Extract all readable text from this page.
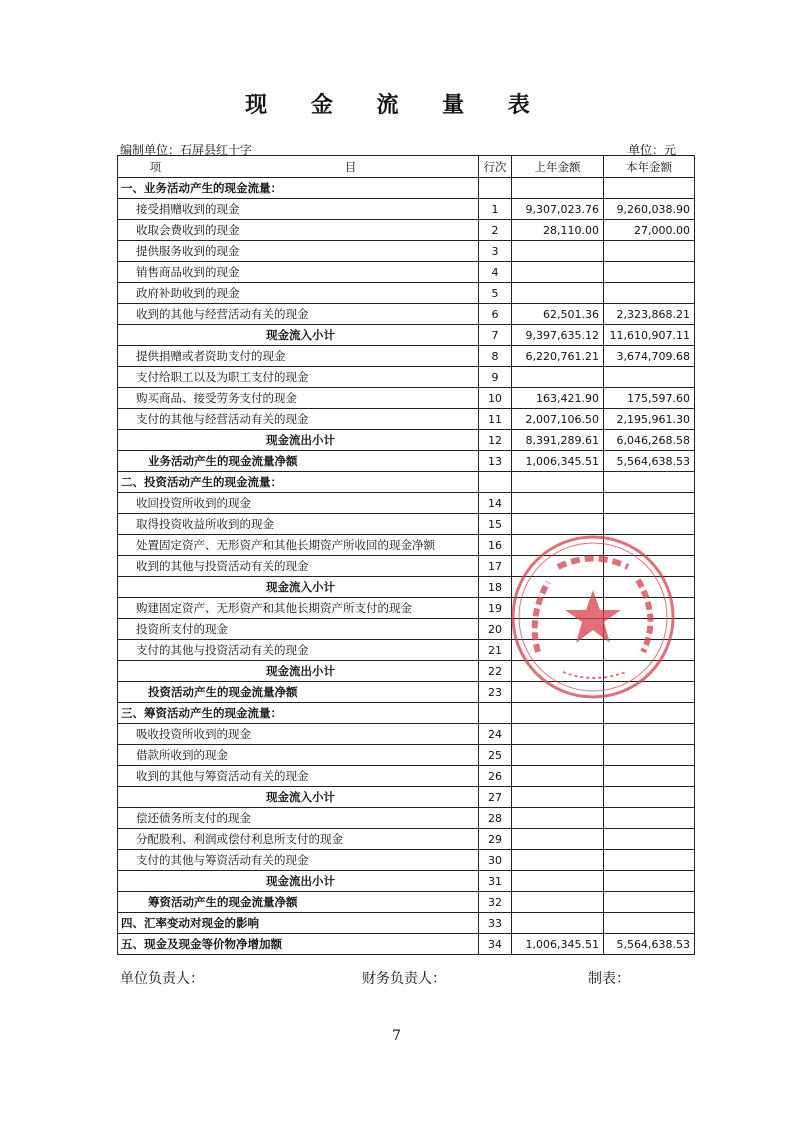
现 金 流 量 表
编制单位：石屏县红十字	单位：元
项 目	行次	上年金额	本年金额
一、业务活动产生的现金流量：			
接受捐赠收到的现金	1	9,307,023.76	9,260,038.90
收取会费收到的现金	2	28,110.00	27,000.00
提供服务收到的现金	3		
销售商品收到的现金	4		
政府补助收到的现金	5		
收到的其他与经营活动有关的现金	6	62,501.36	2,323,868.21
现金流入小计	7	9,397,635.12	11,610,907.11
提供捐赠或者资助支付的现金	8	6,220,761.21	3,674,709.68
支付给职工以及为职工支付的现金	9		
购买商品、接受劳务支付的现金	10	163,421.90	175,597.60
支付的其他与经营活动有关的现金	11	2,007,106.50	2,195,961.30
现金流出小计	12	8,391,289.61	6,046,268.58
业务活动产生的现金流量净额	13	1,006,345.51	5,564,638.53
二、投资活动产生的现金流量：			
收回投资所收到的现金	14		
取得投资收益所收到的现金	15		
处置固定资产、无形资产和其他长期资产所收回的现金净额	16		
收到的其他与投资活动有关的现金	17		
现金流入小计	18		
购建固定资产、无形资产和其他长期资产所支付的现金	19		
投资所支付的现金	20		
支付的其他与投资活动有关的现金	21		
现金流出小计	22		
投资活动产生的现金流量净额	23		
三、筹资活动产生的现金流量：			
吸收投资所收到的现金	24		
借款所收到的现金	25		
收到的其他与筹资活动有关的现金	26		
现金流入小计	27		
偿还债务所支付的现金	28		
分配股利、利润或偿付利息所支付的现金	29		
支付的其他与筹资活动有关的现金	30		
现金流出小计	31		
筹资活动产生的现金流量净额	32		
四、汇率变动对现金的影响	33		
五、现金及现金等价物净增加额	34	1,006,345.51	5,564,638.53
单位负责人：	财务负责人：	制表：
7
